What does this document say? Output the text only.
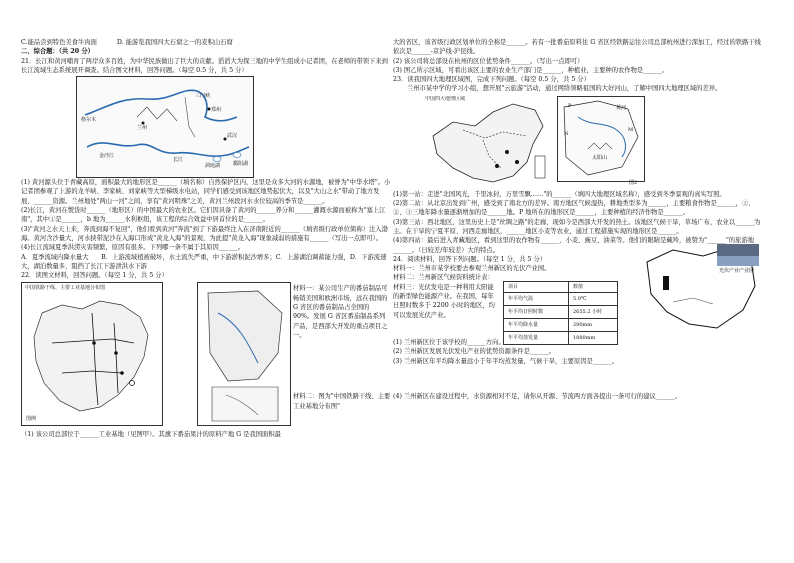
C.能品尝到特色美食牛肉面	D. 能游览我国四大石窟之一的麦积山石窟

二、综合题：（共 20 分）

21．长江和黄河哺育了两岸众多百姓，为中华民族做出了巨大的贡献。滔滔大为探三地的中学生组成小记者团，在老师的带领下来到长江流域生态系统展开调查。结合图文材料，回答问题。（每空 0.5 分，共 5 分）

格尔木
兰州
郑州
三门峡
武汉
洞庭湖	鄱阳湖
长江
金沙江

(1) 黄河源头位于青藏高原，面积最大的地形区是______（填名称）自然保护区内，这里是众多大河的水源地，被誉为"中华水塔"。小记者团参观了上游的龙羊峡、李家峡、刘家峡等大型梯级水电站，同学们感受到该地区地势起伏大，以及"大山之水"带动了地方发展，______资源。兰州地处"两山一河"之间，享有"黄河明珠"之美，黄河兰州段河水水位较高的季节是______。

(2)长江，黄河在製货时______（地形区）的中国最大的农业区。它们因具备了黄河的______养分和______灌溉水源而被称为"塞上江南"，其中①是______，b 地为______水利枢纽，该工程的综合效益中居首位的是______。

(3)"黄河之水天上来，奔流到海不复回"，他们看到黄河"奔流"到了下游最终注入在济南附近的______（填省级行政单位简称）注入渤海。黄河含沙量大，河水挟带泥沙在入海口形成"黄龙入海"的景观，为此提"黄龙入海"现象减弱的措施有______（写出一点即可）。

(4)长江流域夏季洪涝灾害频繁，原因有很多。下列哪一条不属于其原因______。

A．夏季流域内降水量大　　B．上游流域植被破坏，水土流失严重，中下游淤积泥沙增多；C．上游湖泊调蓄能力强，D．下游流速大，湖泊数量多，阻挡了长江下游泄洪水下游

22．读图文材料，回答问题。（每空 1 分，共 5 分）

中国铁路干线、主要工业基地分布图
图例

材料一：某公司生产的番茄制品可畅销美国和欧洲市场，远在我国的 G 省区的番茄制品占全国的 90%。发展 G 省区番茄制品系列产品，是西部大开发的重点项目之一。

材料二：图为"中国铁路干线、主要工业基地分布图"

（1) 该公司总部位于______工业基地（见图甲）。其旗下番茄果汁的原料产地 G 是我国面积最

大的省区，该省级行政区划单位的全称是______。若有一批番茄原料往 G 省区经铁路运往公司总部杭州进行深加工，经过的铁路干线依次是______-京沪线-沪昆线。

(2) 该公司将总部设在杭州的区位优势条件______。（写出一点即可）

(3) 图乙所示区域，可看出该区主要的农业生产部门是______，种植业，主要种的农作物是______。

23．读我国四大地理区域图，完成下列问题。（每空 0.5 分，共 5 分）

兰州市某中学的学习小组，想开展"云旅游"活动，通过网络领略祖国的大好河山，了解中国四大地理区域的差异。

中国四大地理区域
P	黄河
M
N
太阳山
图2

(1)第一站：走进"北国风光，千里冰封，万里雪飘……"的______（填四大地理区域名称），感受到冬季景观的真实写照。

(2)第二站：从北京出发到广州，感受到了南北方的差异。南方地区气候湿热，耕地类型多为______，主要粮食作物是______，①、②、③三地年降水量逐渐增加的是______地。P 地所在的地形区是______，主要种植的经济作物是______。

(3)第三站：西北地区，这里历史上是"丝绸之路"的走廊，现如今是西部大开发的热土。该地区气候干旱，草场广布，农业以______为主。在干旱的宁夏平原、河西走廊地区，______地区小麦等农业，通过工程措施实现的地形区是______。

(4)第四站：最后进入青藏地区，看到这里的农作物有______、小麦、豌豆、油菜等。他们的眼睛是藏羚，被赞为"______"的旅游地______。（日较差/年较差）大的特点。

24．阅读材料，回答下列问题。（每空 1 分，共 5 分）

材料一：兰州市某学校要去参观兰州新区的光伏产业园。

材料二：兰州新区气候资料统计表：

材料三：光伏发电是一种利用太阳能的新型绿色能源产业。在我国，每年日照时数多于 2200 小时的地区，均可以发展光伏产业。

项目	数值
年平均气温	5.9℃
年平均日照时数	2655.2 小时
年平均降水量	290mm
年平均蒸发量	1880mm
光伏产业产业园

(1) 兰州新区位于该学校的______方向。

(2) 兰州新区发展光伏发电产业的优势资源条件是______。

(3) 兰州新区年平均降水量远小于年平均蒸发量，气候干旱，主要原因是______。

(4) 兰州新区在建设过程中，水资源相对不足，请你从开源、节流两方面各提出一条可行的建议______。
